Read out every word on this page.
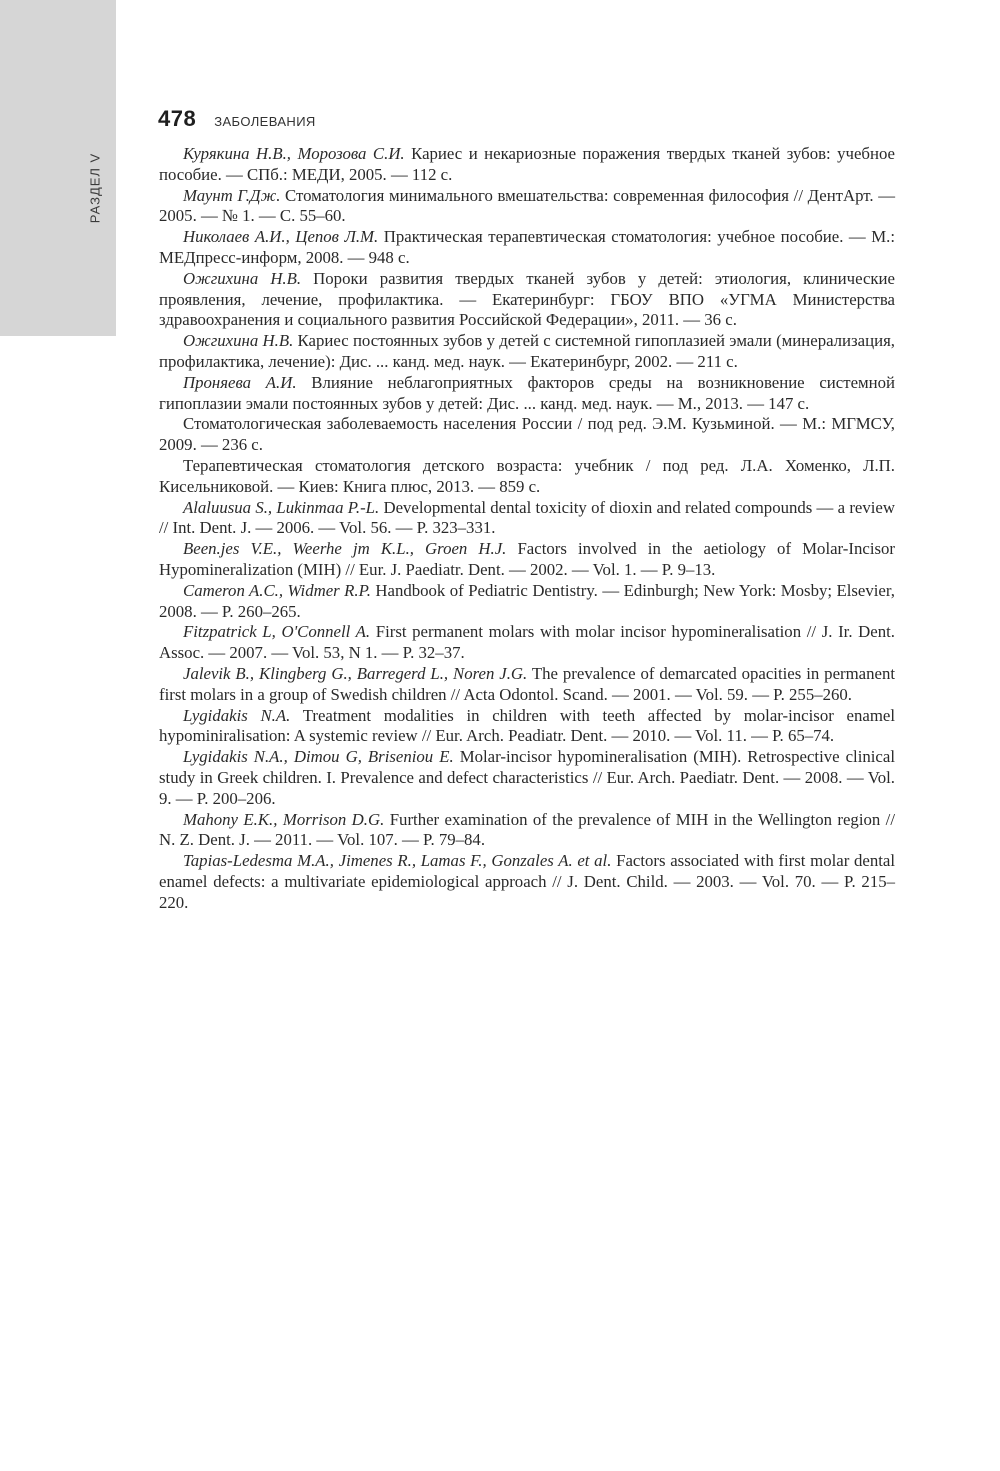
РАЗДЕЛ V
478 ЗАБОЛЕВАНИЯ

Курякина Н.В., Морозова С.И. Кариес и некариозные поражения твердых тканей зубов: учебное пособие. — СПб.: МЕДИ, 2005. — 112 с.

Маунт Г.Дж. Стоматология минимального вмешательства: современная философия // ДентАрт. — 2005. — № 1. — С. 55–60.

Николаев А.И., Цепов Л.М. Практическая терапевтическая стоматология: учебное пособие. — М.: МЕДпресс-информ, 2008. — 948 с.

Ожгихина Н.В. Пороки развития твердых тканей зубов у детей: этиология, клинические проявления, лечение, профилактика. — Екатеринбург: ГБОУ ВПО «УГМА Министерства здравоохранения и социального развития Российской Федерации», 2011. — 36 с.

Ожгихина Н.В. Кариес постоянных зубов у детей с системной гипоплазией эмали (минерализация, профилактика, лечение): Дис. ... канд. мед. наук. — Екатеринбург, 2002. — 211 с.

Проняева А.И. Влияние неблагоприятных факторов среды на возникновение системной гипоплазии эмали постоянных зубов у детей: Дис. ... канд. мед. наук. — М., 2013. — 147 с.

Стоматологическая заболеваемость населения России / под ред. Э.М. Кузьминой. — М.: МГМСУ, 2009. — 236 с.

Терапевтическая стоматология детского возраста: учебник / под ред. Л.А. Хоменко, Л.П. Кисельниковой. — Киев: Книга плюс, 2013. — 859 с.

Alaluusua S., Lukinmaa P.-L. Developmental dental toxicity of dioxin and related compounds — a review // Int. Dent. J. — 2006. — Vol. 56. — P. 323–331.

Been.jes V.E., Weerhe jm K.L., Groen H.J. Factors involved in the aetiology of Molar-Incisor Hypomineralization (MIH) // Eur. J. Paediatr. Dent. — 2002. — Vol. 1. — P. 9–13.

Cameron A.C., Widmer R.P. Handbook of Pediatric Dentistry. — Edinburgh; New York: Mosby; Elsevier, 2008. — P. 260–265.

Fitzpatrick L, O'Connell A. First permanent molars with molar incisor hypomineralisation // J. Ir. Dent. Assoc. — 2007. — Vol. 53, N 1. — P. 32–37.

Jalevik B., Klingberg G., Barregerd L., Noren J.G. The prevalence of demarcated opacities in permanent first molars in a group of Swedish children // Acta Odontol. Scand. — 2001. — Vol. 59. — P. 255–260.

Lygidakis N.A. Treatment modalities in children with teeth affected by molar-incisor enamel hypominiralisation: A systemic review // Eur. Arch. Peadiatr. Dent. — 2010. — Vol. 11. — P. 65–74.

Lygidakis N.A., Dimou G, Briseniou E. Molar-incisor hypomineralisation (MIH). Retrospective clinical study in Greek children. I. Prevalence and defect characteristics // Eur. Arch. Paediatr. Dent. — 2008. — Vol. 9. — P. 200–206.

Mahony E.K., Morrison D.G. Further examination of the prevalence of MIH in the Wellington region // N. Z. Dent. J. — 2011. — Vol. 107. — P. 79–84.

Tapias-Ledesma M.A., Jimenes R., Lamas F., Gonzales A. et al. Factors associated with first molar dental enamel defects: a multivariate epidemiological approach // J. Dent. Child. — 2003. — Vol. 70. — P. 215–220.
